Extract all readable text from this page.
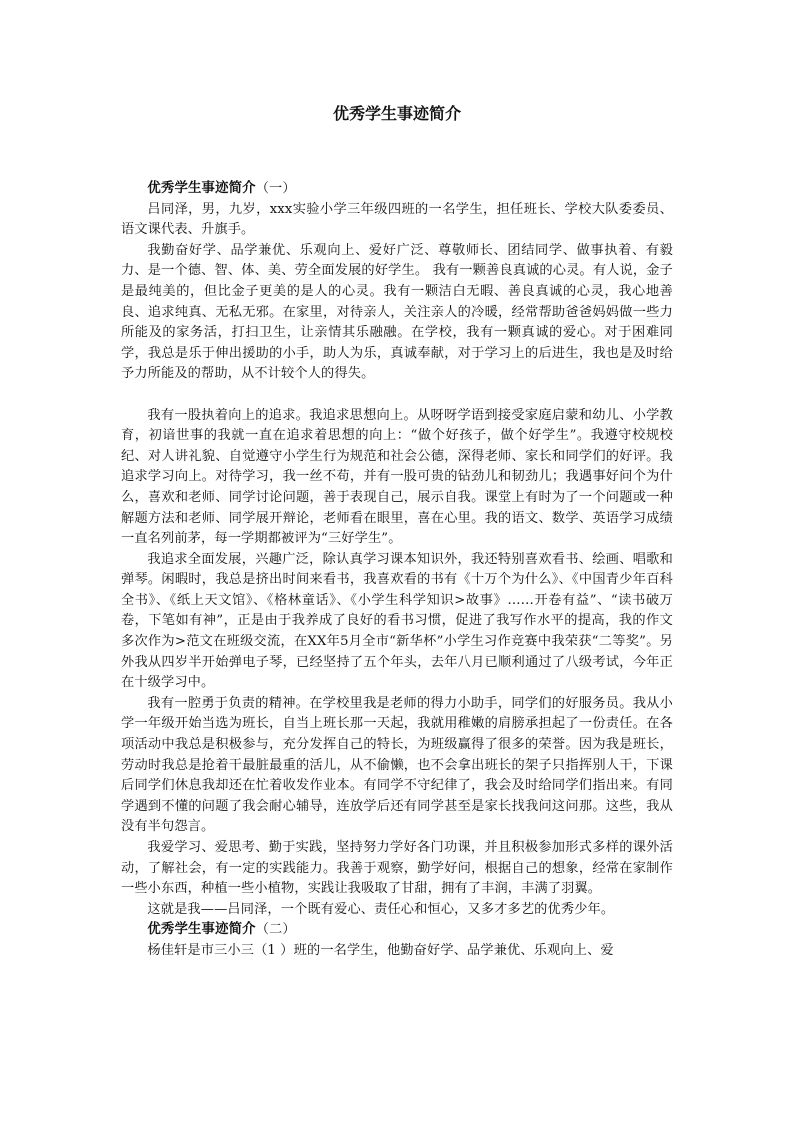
优秀学生事迹简介
优秀学生事迹简介（一）

吕同泽，男，九岁，xxx实验小学三年级四班的一名学生，担任班长、学校大队委委员、语文课代表、升旗手。

我勤奋好学、品学兼优、乐观向上、爱好广泛、尊敬师长、团结同学、做事执着、有毅力、是一个德、智、体、美、劳全面发展的好学生。 我有一颗善良真诚的心灵。有人说，金子是最纯美的，但比金子更美的是人的心灵。我有一颗洁白无暇、善良真诚的心灵，我心地善良、追求纯真、无私无邪。在家里，对待亲人，关注亲人的冷暖，经常帮助爸爸妈妈做一些力所能及的家务活，打扫卫生，让亲情其乐融融。在学校，我有一颗真诚的爱心。对于困难同学，我总是乐于伸出援助的小手，助人为乐，真诚奉献，对于学习上的后进生，我也是及时给予力所能及的帮助，从不计较个人的得失。

我有一股执着向上的追求。我追求思想向上。从呀呀学语到接受家庭启蒙和幼儿、小学教育，初谙世事的我就一直在追求着思想的向上：“做个好孩子，做个好学生”。我遵守校规校纪、对人讲礼貌、自觉遵守小学生行为规范和社会公德，深得老师、家长和同学们的好评。我追求学习向上。对待学习，我一丝不苟，并有一股可贵的钻劲儿和韧劲儿；我遇事好问个为什么，喜欢和老师、同学讨论问题，善于表现自己，展示自我。课堂上有时为了一个问题或一种解题方法和老师、同学展开辩论，老师看在眼里，喜在心里。我的语文、数学、英语学习成绩一直名列前茅，每一学期都被评为“三好学生”。

我追求全面发展，兴趣广泛，除认真学习课本知识外，我还特别喜欢看书、绘画、唱歌和弹琴。闲暇时，我总是挤出时间来看书，我喜欢看的书有《十万个为什么》、《中国青少年百科全书》、《纸上天文馆》、《格林童话》、《小学生科学知识>故事》……开卷有益”、“读书破万卷，下笔如有神”，正是由于我养成了良好的看书习惯，促进了我写作水平的提高，我的作文多次作为>范文在班级交流，在XX年5月全市“新华杯”小学生习作竞赛中我荣获“二等奖”。另外我从四岁半开始弹电子琴，已经坚持了五个年头，去年八月已顺利通过了八级考试，今年正在十级学习中。

我有一腔勇于负责的精神。在学校里我是老师的得力小助手，同学们的好服务员。我从小学一年级开始当选为班长，自当上班长那一天起，我就用稚嫩的肩膀承担起了一份责任。在各项活动中我总是积极参与，充分发挥自己的特长，为班级赢得了很多的荣誉。因为我是班长，劳动时我总是抢着干最脏最重的活儿，从不偷懒，也不会拿出班长的架子只指挥别人干，下课后同学们休息我却还在忙着收发作业本。有同学不守纪律了，我会及时给同学们指出来。有同学遇到不懂的问题了我会耐心辅导，连放学后还有同学甚至是家长找我问这问那。这些，我从没有半句怨言。

我爱学习、爱思考、勤于实践，坚持努力学好各门功课，并且积极参加形式多样的课外活动，了解社会，有一定的实践能力。我善于观察，勤学好问，根据自己的想象，经常在家制作一些小东西，种植一些小植物，实践让我吸取了甘甜，拥有了丰润，丰满了羽翼。

这就是我——吕同泽，一个既有爱心、责任心和恒心，又多才多艺的优秀少年。

优秀学生事迹简介（二）

杨佳轩是市三小三（1 ）班的一名学生，他勤奋好学、品学兼优、乐观向上、爱
